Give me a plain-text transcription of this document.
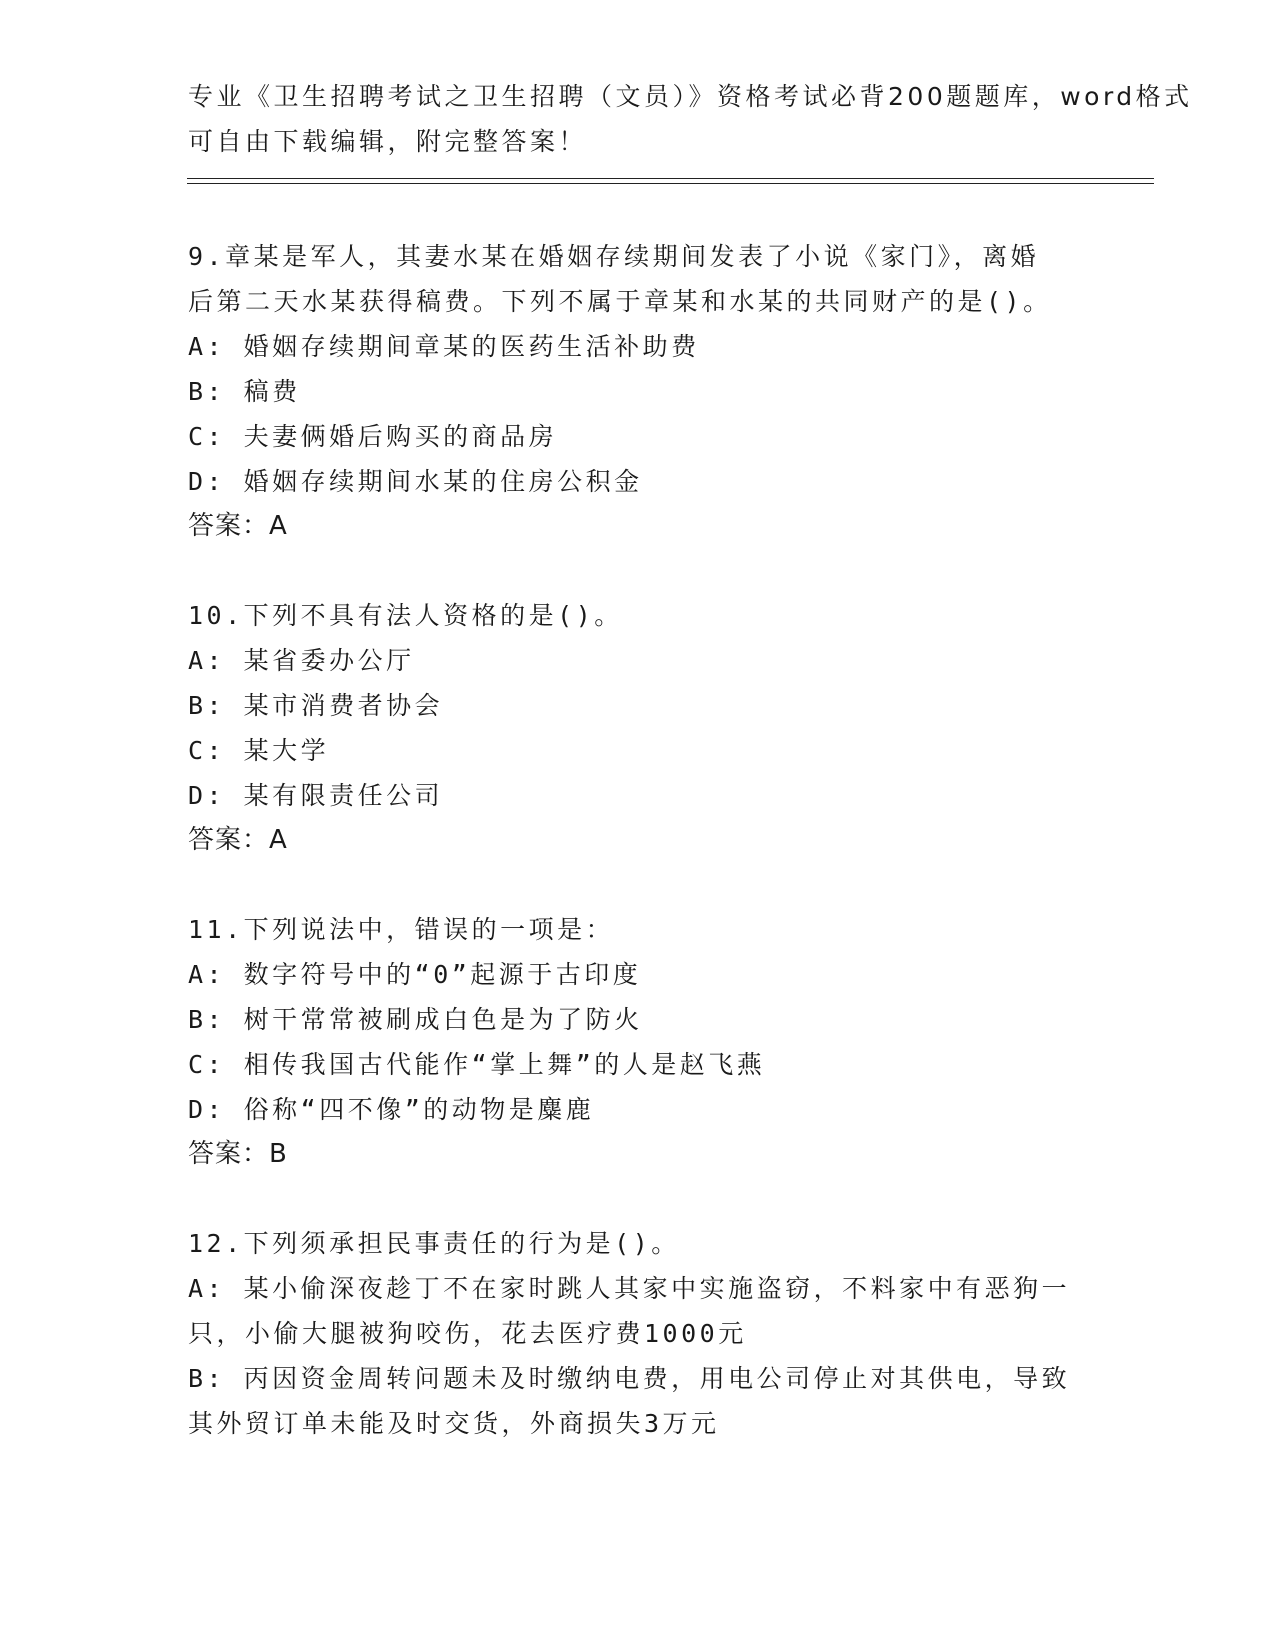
专业《卫生招聘考试之卫生招聘（文员）》资格考试必背200题题库，word格式
可自由下载编辑，附完整答案！
9.章某是军人，其妻水某在婚姻存续期间发表了小说《家门》，离婚
后第二天水某获得稿费。下列不属于章某和水某的共同财产的是()。
A: 婚姻存续期间章某的医药生活补助费
B: 稿费
C: 夫妻俩婚后购买的商品房
D: 婚姻存续期间水某的住房公积金
答案：A
10.下列不具有法人资格的是()。
A: 某省委办公厅
B: 某市消费者协会
C: 某大学
D: 某有限责任公司
答案：A
11.下列说法中，错误的一项是：
A: 数字符号中的“0”起源于古印度
B: 树干常常被刷成白色是为了防火
C: 相传我国古代能作“掌上舞”的人是赵飞燕
D: 俗称“四不像”的动物是麋鹿
答案：B
12.下列须承担民事责任的行为是()。
A: 某小偷深夜趁丁不在家时跳人其家中实施盗窃，不料家中有恶狗一
只，小偷大腿被狗咬伤，花去医疗费1000元
B: 丙因资金周转问题未及时缴纳电费，用电公司停止对其供电，导致
其外贸订单未能及时交货，外商损失3万元
